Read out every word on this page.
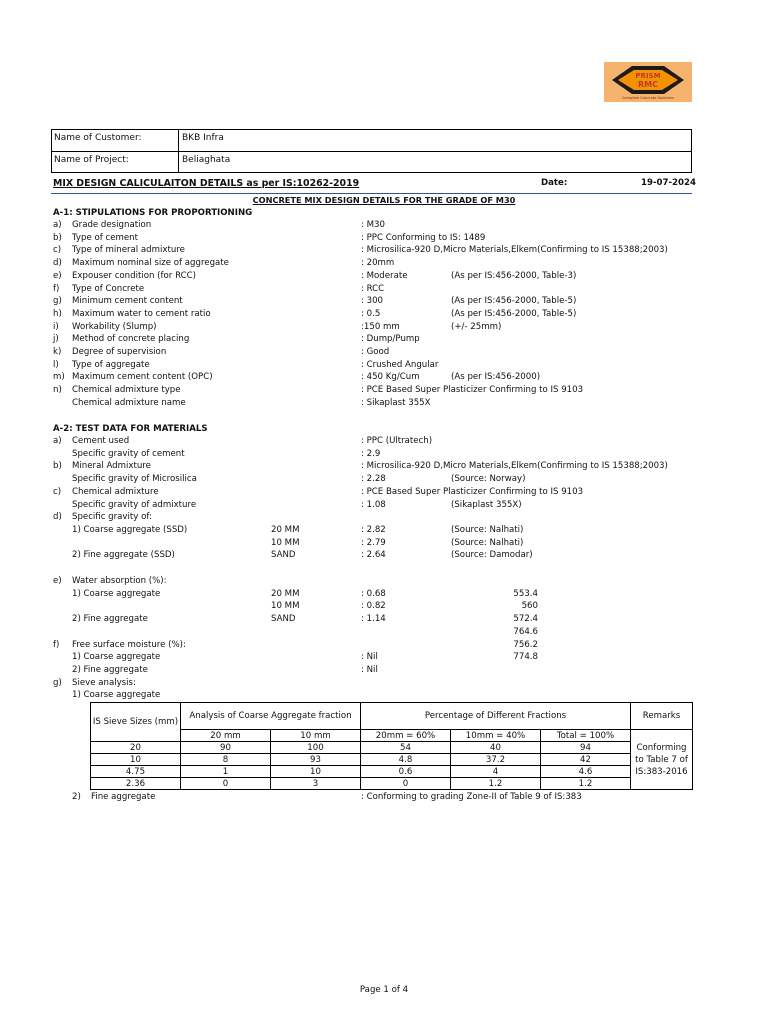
PRISM
RMC
Complete Concrete Solutions
Name of Customer:	BKB Infra
Name of Project:	Beliaghata
MIX DESIGN CALICULAITON DETAILS as per IS:10262-2019	Date:	19-07-2024
CONCRETE MIX DESIGN DETAILS FOR THE GRADE OF M30
A-1: STIPULATIONS FOR PROPORTIONING
a) Grade designation	: M30
b) Type of cement	: PPC Conforming to IS: 1489
c) Type of mineral admixture	: Microsilica-920 D,Micro Materials,Elkem(Confirming to IS 15388;2003)
d) Maximum nominal size of aggregate	: 20mm
e) Expouser condition (for RCC)	: Moderate	(As per IS:456-2000, Table-3)
f) Type of Concrete	: RCC
g) Minimum cement content	: 300	(As per IS:456-2000, Table-5)
h) Maximum water to cement ratio	: 0.5	(As per IS:456-2000, Table-5)
i) Workability (Slump)	:150 mm	(+/- 25mm)
j) Method of concrete placing	: Dump/Pump
k) Degree of supervision	: Good
l) Type of aggregate	: Crushed Angular
m) Maximum cement content (OPC)	: 450 Kg/Cum	(As per IS:456-2000)
n) Chemical admixture type	: PCE Based Super Plasticizer Confirming to IS 9103
Chemical admixture name	: Sikaplast 355X
A-2: TEST DATA FOR MATERIALS
a) Cement used	: PPC (Ultratech)
Specific gravity of cement	: 2.9
b) Mineral Admixture	: Microsilica-920 D,Micro Materials,Elkem(Confirming to IS 15388;2003)
Specific gravity of Microsilica	: 2.28	(Source: Norway)
c) Chemical admixture	: PCE Based Super Plasticizer Confirming to IS 9103
Specific gravity of admixture	: 1.08	(Sikaplast 355X)
d) Specific gravity of:
1) Coarse aggregate (SSD)	20 MM	: 2.82	(Source: Nalhati)
10 MM	: 2.79	(Source: Nalhati)
2) Fine aggregate (SSD)	SAND	: 2.64	(Source: Damodar)
e) Water absorption (%):
1) Coarse aggregate	20 MM	: 0.68	553.4
10 MM	: 0.82	560
2) Fine aggregate	SAND	: 1.14	572.4
764.6
f) Free surface moisture (%):	756.2
1) Coarse aggregate	: Nil	774.8
2) Fine aggregate	: Nil
g) Sieve analysis:
1) Coarse aggregate
IS Sieve Sizes (mm)	Analysis of Coarse Aggregate fraction		Percentage of Different Fractions			Remarks
	20 mm	10 mm	20mm = 60%	10mm = 40%	Total = 100%	Conforming to Table 7 of IS:383-2016
20	90	100	54	40	94	
10	8	93	4.8	37.2	42	
4.75	1	10	0.6	4	4.6	
2.36	0	3	0	1.2	1.2	
2) Fine aggregate	: Conforming to grading Zone-II of Table 9 of IS:383
Page 1 of 4
